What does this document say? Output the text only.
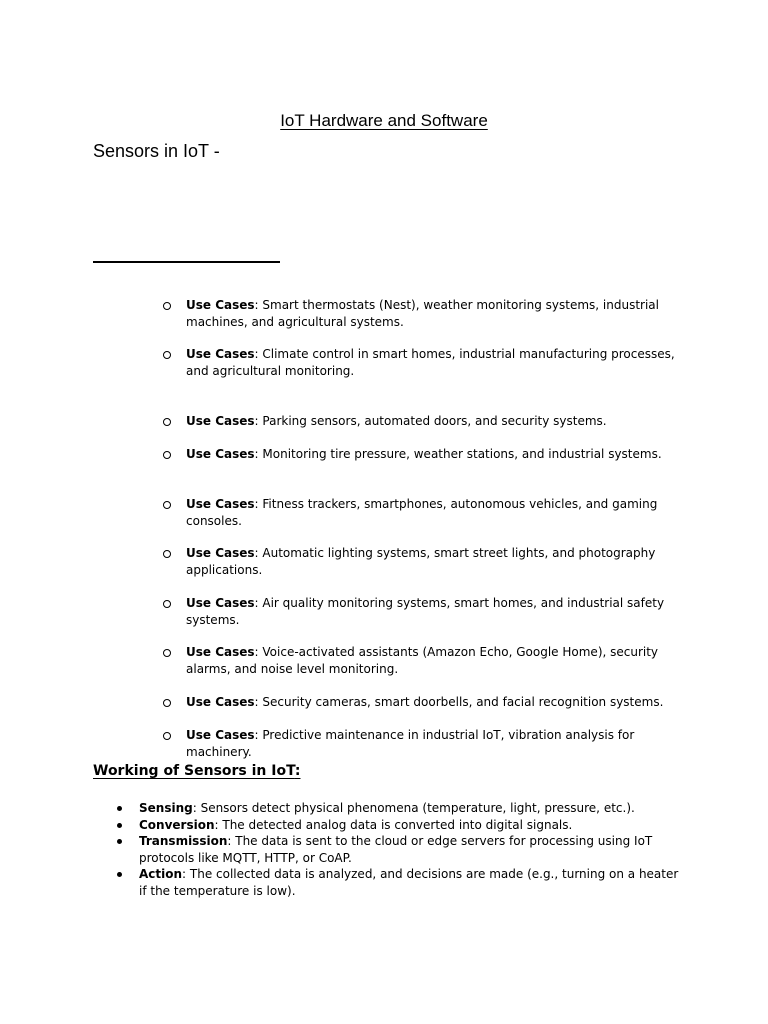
IoT Hardware and Software
Sensors in IoT -
Use Cases: Smart thermostats (Nest), weather monitoring systems, industrial machines, and agricultural systems.
Use Cases: Climate control in smart homes, industrial manufacturing processes, and agricultural monitoring.
Use Cases: Parking sensors, automated doors, and security systems.
Use Cases: Monitoring tire pressure, weather stations, and industrial systems.
Use Cases: Fitness trackers, smartphones, autonomous vehicles, and gaming consoles.
Use Cases: Automatic lighting systems, smart street lights, and photography applications.
Use Cases: Air quality monitoring systems, smart homes, and industrial safety systems.
Use Cases: Voice-activated assistants (Amazon Echo, Google Home), security alarms, and noise level monitoring.
Use Cases: Security cameras, smart doorbells, and facial recognition systems.
Use Cases: Predictive maintenance in industrial IoT, vibration analysis for machinery.
Working of Sensors in IoT:
Sensing: Sensors detect physical phenomena (temperature, light, pressure, etc.).
Conversion: The detected analog data is converted into digital signals.
Transmission: The data is sent to the cloud or edge servers for processing using IoT protocols like MQTT, HTTP, or CoAP.
Action: The collected data is analyzed, and decisions are made (e.g., turning on a heater if the temperature is low).
